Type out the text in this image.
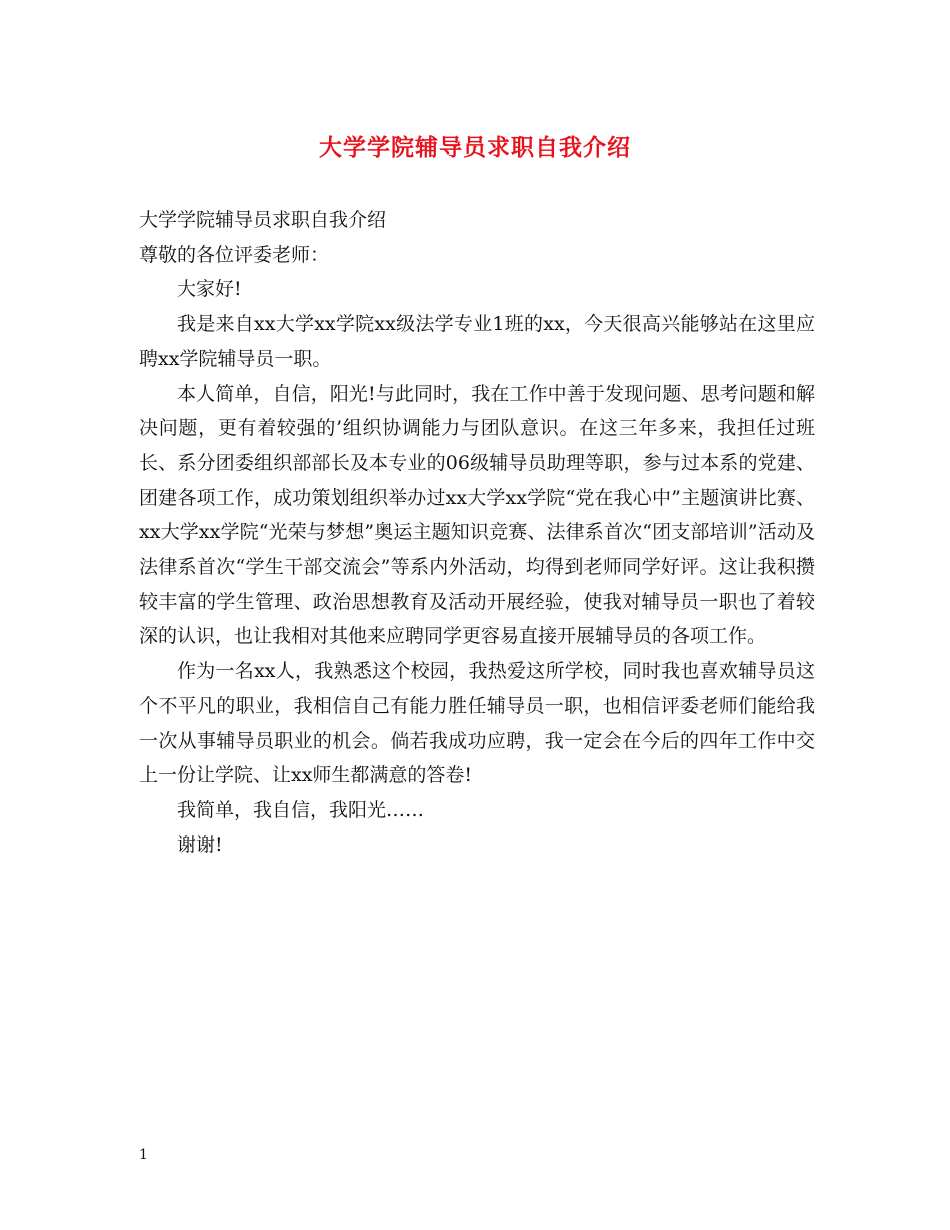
大学学院辅导员求职自我介绍

大学学院辅导员求职自我介绍

尊敬的各位评委老师：

大家好!

我是来自xx大学xx学院xx级法学专业1班的xx，今天很高兴能够站在这里应聘xx学院辅导员一职。

本人简单，自信，阳光!与此同时，我在工作中善于发现问题、思考问题和解决问题，更有着较强的’组织协调能力与团队意识。在这三年多来，我担任过班长、系分团委组织部部长及本专业的06级辅导员助理等职，参与过本系的党建、团建各项工作，成功策划组织举办过xx大学xx学院“党在我心中”主题演讲比赛、xx大学xx学院“光荣与梦想”奥运主题知识竞赛、法律系首次“团支部培训”活动及法律系首次“学生干部交流会”等系内外活动，均得到老师同学好评。这让我积攒较丰富的学生管理、政治思想教育及活动开展经验，使我对辅导员一职也了着较深的认识，也让我相对其他来应聘同学更容易直接开展辅导员的各项工作。

作为一名xx人，我熟悉这个校园，我热爱这所学校，同时我也喜欢辅导员这个不平凡的职业，我相信自己有能力胜任辅导员一职，也相信评委老师们能给我一次从事辅导员职业的机会。倘若我成功应聘，我一定会在今后的四年工作中交上一份让学院、让xx师生都满意的答卷!

我简单，我自信，我阳光……

谢谢!

1
